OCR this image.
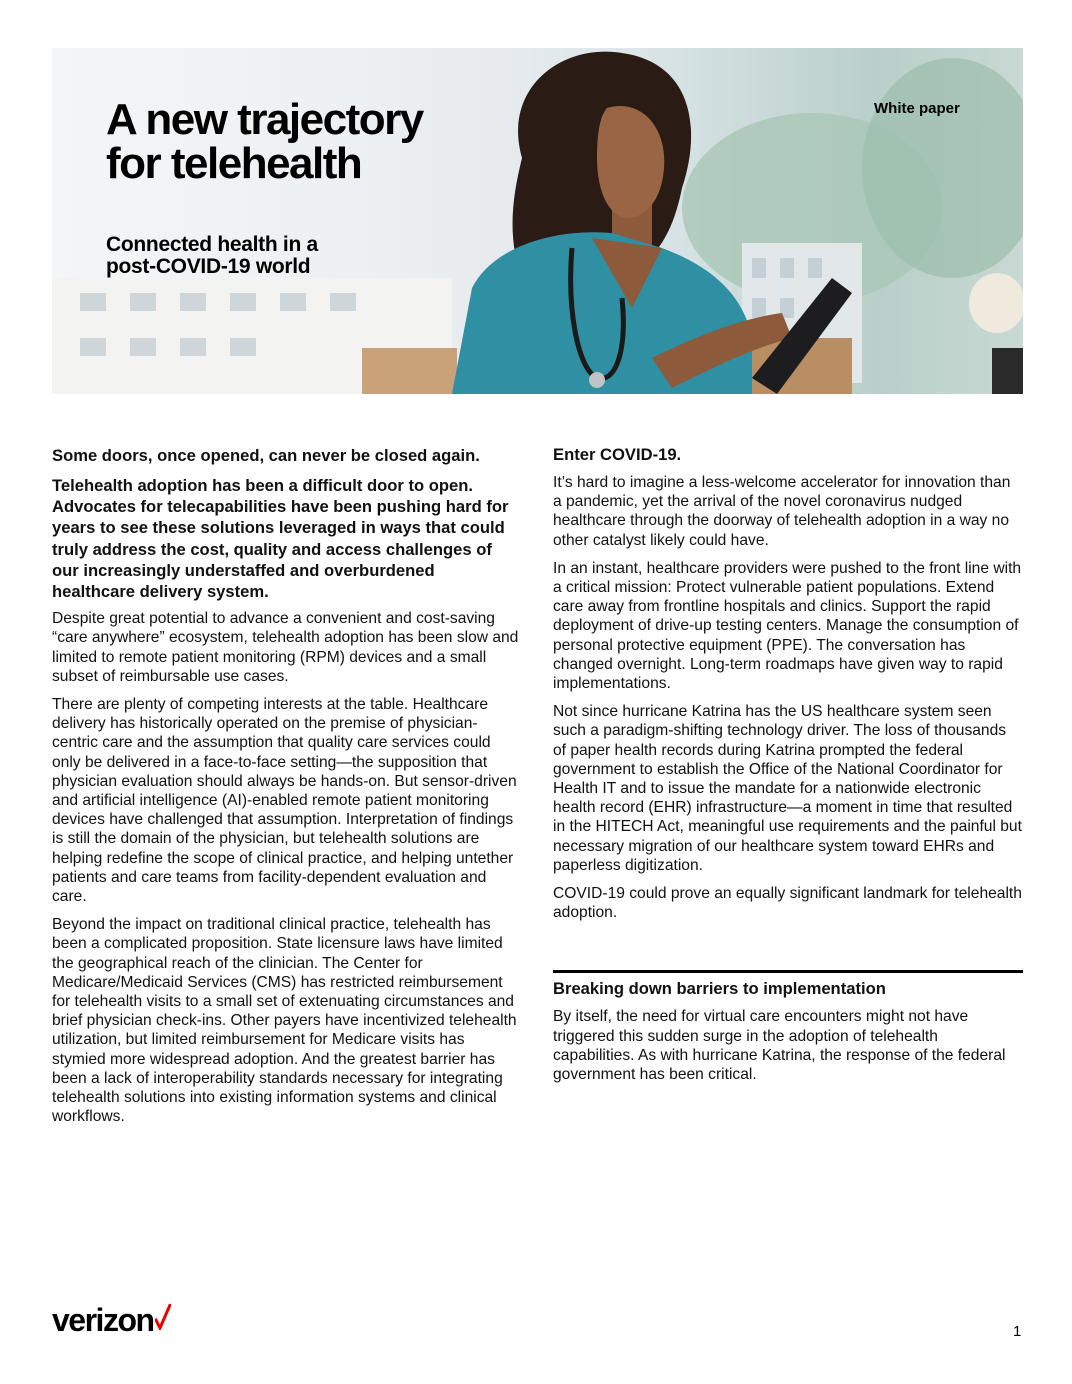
A new trajectory
for telehealth
Connected health in a
post-COVID-19 world
White paper

Some doors, once opened, can never be closed again.

Telehealth adoption has been a difficult door to open. Advocates for telecapabilities have been pushing hard for years to see these solutions leveraged in ways that could truly address the cost, quality and access challenges of our increasingly understaffed and overburdened healthcare delivery system.

Despite great potential to advance a convenient and cost-saving “care anywhere” ecosystem, telehealth adoption has been slow and limited to remote patient monitoring (RPM) devices and a small subset of reimbursable use cases.

There are plenty of competing interests at the table. Healthcare delivery has historically operated on the premise of physician-centric care and the assumption that quality care services could only be delivered in a face-to-face setting—the supposition that physician evaluation should always be hands-on. But sensor-driven and artificial intelligence (AI)-enabled remote patient monitoring devices have challenged that assumption. Interpretation of findings is still the domain of the physician, but telehealth solutions are helping redefine the scope of clinical practice, and helping untether patients and care teams from facility-dependent evaluation and care.

Beyond the impact on traditional clinical practice, telehealth has been a complicated proposition. State licensure laws have limited the geographical reach of the clinician. The Center for Medicare/Medicaid Services (CMS) has restricted reimbursement for telehealth visits to a small set of extenuating circumstances and brief physician check-ins. Other payers have incentivized telehealth utilization, but limited reimbursement for Medicare visits has stymied more widespread adoption. And the greatest barrier has been a lack of interoperability standards necessary for integrating telehealth solutions into existing information systems and clinical workflows.

Enter COVID-19.

It’s hard to imagine a less-welcome accelerator for innovation than a pandemic, yet the arrival of the novel coronavirus nudged healthcare through the doorway of telehealth adoption in a way no other catalyst likely could have.

In an instant, healthcare providers were pushed to the front line with a critical mission: Protect vulnerable patient populations. Extend care away from frontline hospitals and clinics. Support the rapid deployment of drive-up testing centers. Manage the consumption of personal protective equipment (PPE). The conversation has changed overnight. Long-term roadmaps have given way to rapid implementations.

Not since hurricane Katrina has the US healthcare system seen such a paradigm-shifting technology driver. The loss of thousands of paper health records during Katrina prompted the federal government to establish the Office of the National Coordinator for Health IT and to issue the mandate for a nationwide electronic health record (EHR) infrastructure—a moment in time that resulted in the HITECH Act, meaningful use requirements and the painful but necessary migration of our healthcare system toward EHRs and paperless digitization.

COVID-19 could prove an equally significant landmark for telehealth adoption.

Breaking down barriers to implementation

By itself, the need for virtual care encounters might not have triggered this sudden surge in the adoption of telehealth capabilities. As with hurricane Katrina, the response of the federal government has been critical.

verizon	1
